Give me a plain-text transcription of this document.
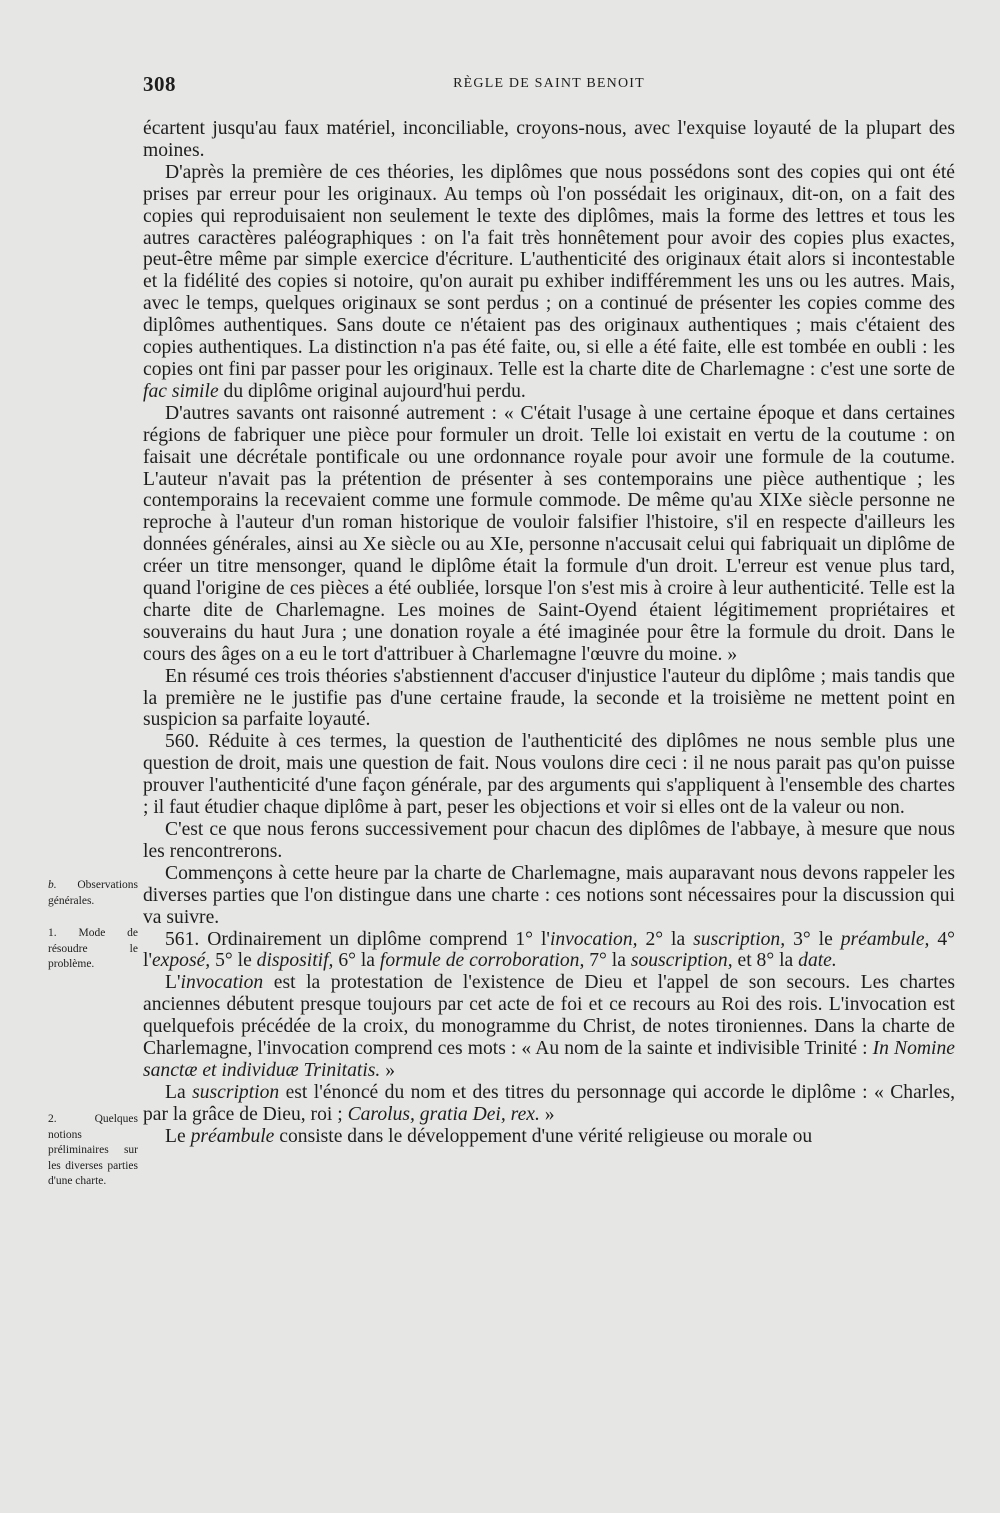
308	RÈGLE DE SAINT BENOIT
b. Observations générales.
1. Mode de résoudre le problème.
2. Quelques notions préliminaires sur les diverses parties d'une charte.

écartent jusqu'au faux matériel, inconciliable, croyons-nous, avec l'exquise loyauté de la plupart des moines.

D'après la première de ces théories, les diplômes que nous possédons sont des copies qui ont été prises par erreur pour les originaux. Au temps où l'on possédait les originaux, dit-on, on a fait des copies qui reproduisaient non seulement le texte des diplômes, mais la forme des lettres et tous les autres caractères paléographiques : on l'a fait très honnêtement pour avoir des copies plus exactes, peut-être même par simple exercice d'écriture. L'authenticité des originaux était alors si incontestable et la fidélité des copies si notoire, qu'on aurait pu exhiber indifféremment les uns ou les autres. Mais, avec le temps, quelques originaux se sont perdus ; on a continué de présenter les copies comme des diplômes authentiques. Sans doute ce n'étaient pas des originaux authentiques ; mais c'étaient des copies authentiques. La distinction n'a pas été faite, ou, si elle a été faite, elle est tombée en oubli : les copies ont fini par passer pour les originaux. Telle est la charte dite de Charlemagne : c'est une sorte de fac simile du diplôme original aujourd'hui perdu.

D'autres savants ont raisonné autrement : « C'était l'usage à une certaine époque et dans certaines régions de fabriquer une pièce pour formuler un droit. Telle loi existait en vertu de la coutume : on faisait une décrétale pontificale ou une ordonnance royale pour avoir une formule de la coutume. L'auteur n'avait pas la prétention de présenter à ses contemporains une pièce authentique ; les contemporains la recevaient comme une formule commode. De même qu'au XIXe siècle personne ne reproche à l'auteur d'un roman historique de vouloir falsifier l'histoire, s'il en respecte d'ailleurs les données générales, ainsi au Xe siècle ou au XIe, personne n'accusait celui qui fabriquait un diplôme de créer un titre mensonger, quand le diplôme était la formule d'un droit. L'erreur est venue plus tard, quand l'origine de ces pièces a été oubliée, lorsque l'on s'est mis à croire à leur authenticité. Telle est la charte dite de Charlemagne. Les moines de Saint-Oyend étaient légitimement propriétaires et souverains du haut Jura ; une donation royale a été imaginée pour être la formule du droit. Dans le cours des âges on a eu le tort d'attribuer à Charlemagne l'œuvre du moine. »

En résumé ces trois théories s'abstiennent d'accuser d'injustice l'auteur du diplôme ; mais tandis que la première ne le justifie pas d'une certaine fraude, la seconde et la troisième ne mettent point en suspicion sa parfaite loyauté.

560. Réduite à ces termes, la question de l'authenticité des diplômes ne nous semble plus une question de droit, mais une question de fait. Nous voulons dire ceci : il ne nous parait pas qu'on puisse prouver l'authenticité d'une façon générale, par des arguments qui s'appliquent à l'ensemble des chartes ; il faut étudier chaque diplôme à part, peser les objections et voir si elles ont de la valeur ou non.

C'est ce que nous ferons successivement pour chacun des diplômes de l'abbaye, à mesure que nous les rencontrerons.

Commençons à cette heure par la charte de Charlemagne, mais auparavant nous devons rappeler les diverses parties que l'on distingue dans une charte : ces notions sont nécessaires pour la discussion qui va suivre.

561. Ordinairement un diplôme comprend 1° l'invocation, 2° la suscription, 3° le préambule, 4° l'exposé, 5° le dispositif, 6° la formule de corroboration, 7° la souscription, et 8° la date.

L'invocation est la protestation de l'existence de Dieu et l'appel de son secours. Les chartes anciennes débutent presque toujours par cet acte de foi et ce recours au Roi des rois. L'invocation est quelquefois précédée de la croix, du monogramme du Christ, de notes tironiennes. Dans la charte de Charlemagne, l'invocation comprend ces mots : « Au nom de la sainte et indivisible Trinité : In Nomine sanctæ et individuæ Trinitatis. »

La suscription est l'énoncé du nom et des titres du personnage qui accorde le diplôme : « Charles, par la grâce de Dieu, roi ; Carolus, gratia Dei, rex. »

Le préambule consiste dans le développement d'une vérité religieuse ou morale ou
